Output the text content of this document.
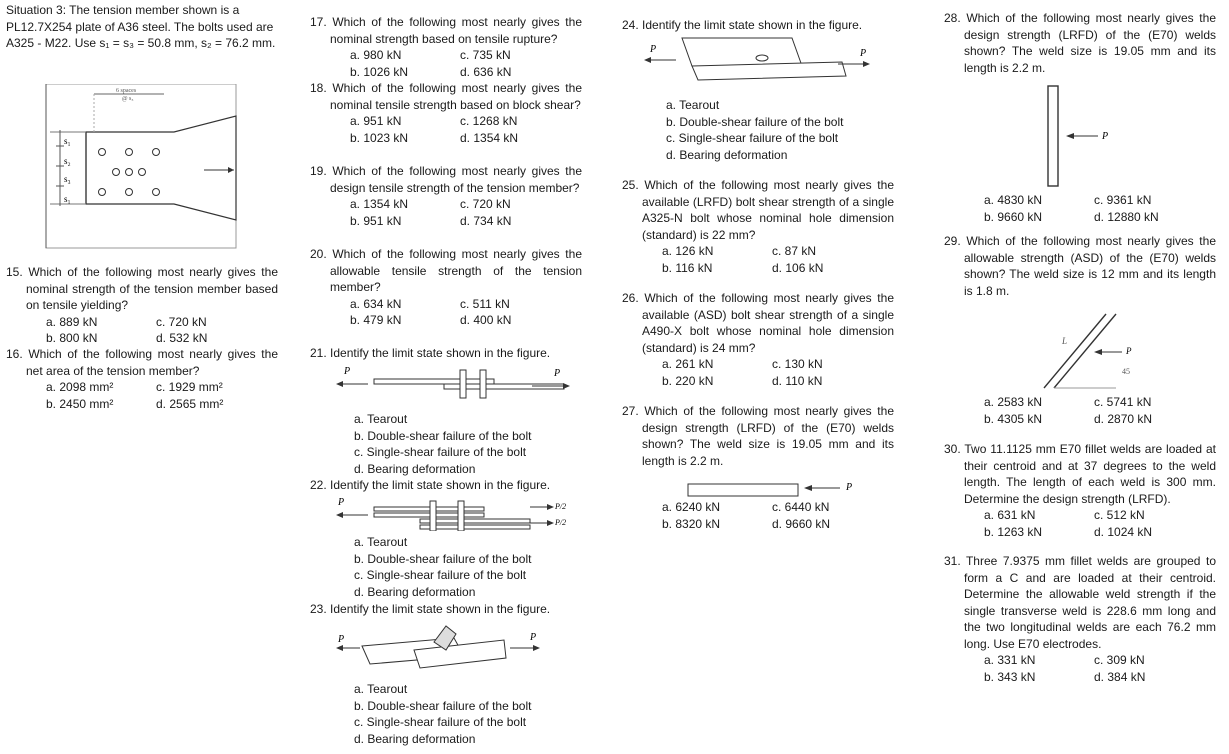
Situation 3: The tension member shown is a PL12.7X254 plate of A36 steel. The bolts used are A325 - M22. Use s₁ = s₃ = 50.8 mm, s₂ = 76.2 mm.
s₁
s₂
s₃
s₁
6 spaces
@ s₃
15. Which of the following most nearly gives the nominal strength of the tension member based on tensile yielding?
a. 889 kN	c. 720 kN
b. 800 kN	d. 532 kN
16. Which of the following most nearly gives the net area of the tension member?
a. 2098 mm²	c. 1929 mm²
b. 2450 mm²	d. 2565 mm²
17. Which of the following most nearly gives the nominal strength based on tensile rupture?
a. 980 kN	c. 735 kN
b. 1026 kN	d. 636 kN
18. Which of the following most nearly gives the nominal tensile strength based on block shear?
a. 951 kN	c. 1268 kN
b. 1023 kN	d. 1354 kN
19. Which of the following most nearly gives the design tensile strength of the tension member?
a. 1354 kN	c. 720 kN
b. 951 kN	d. 734 kN
20. Which of the following most nearly gives the allowable tensile strength of the tension member?
a. 634 kN	c. 511 kN
b. 479 kN	d. 400 kN
21. Identify the limit state shown in the figure.
P	P
a. Tearout
b. Double-shear failure of the bolt
c. Single-shear failure of the bolt
d. Bearing deformation
22. Identify the limit state shown in the figure.
P	P/2
P/2
a. Tearout
b. Double-shear failure of the bolt
c. Single-shear failure of the bolt
d. Bearing deformation
23. Identify the limit state shown in the figure.
P	P
a. Tearout
b. Double-shear failure of the bolt
c. Single-shear failure of the bolt
d. Bearing deformation
24. Identify the limit state shown in the figure.
P	P
a. Tearout
b. Double-shear failure of the bolt
c. Single-shear failure of the bolt
d. Bearing deformation
25. Which of the following most nearly gives the available (LRFD) bolt shear strength of a single A325-N bolt whose nominal hole dimension (standard) is 22 mm?
a. 126 kN	c. 87 kN
b. 116 kN	d. 106 kN
26. Which of the following most nearly gives the available (ASD) bolt shear strength of a single A490-X bolt whose nominal hole dimension (standard) is 24 mm?
a. 261 kN	c. 130 kN
b. 220 kN	d. 110 kN
27. Which of the following most nearly gives the design strength (LRFD) of the (E70) welds shown? The weld size is 19.05 mm and its length is 2.2 m.
P
a. 6240 kN	c. 6440 kN
b. 8320 kN	d. 9660 kN
28. Which of the following most nearly gives the design strength (LRFD) of the (E70) welds shown? The weld size is 19.05 mm and its length is 2.2 m.
P
a. 4830 kN	c. 9361 kN
b. 9660 kN	d. 12880 kN
29. Which of the following most nearly gives the allowable strength (ASD) of the (E70) welds shown? The weld size is 12 mm and its length is 1.8 m.
L
P
45
a. 2583 kN	c. 5741 kN
b. 4305 kN	d. 2870 kN
30. Two 11.1125 mm E70 fillet welds are loaded at their centroid and at 37 degrees to the weld length. The length of each weld is 300 mm. Determine the design strength (LRFD).
a. 631 kN	c. 512 kN
b. 1263 kN	d. 1024 kN
31. Three 7.9375 mm fillet welds are grouped to form a C and are loaded at their centroid. Determine the allowable weld strength if the single transverse weld is 228.6 mm long and the two longitudinal welds are each 76.2 mm long. Use E70 electrodes.
a. 331 kN	c. 309 kN
b. 343 kN	d. 384 kN
